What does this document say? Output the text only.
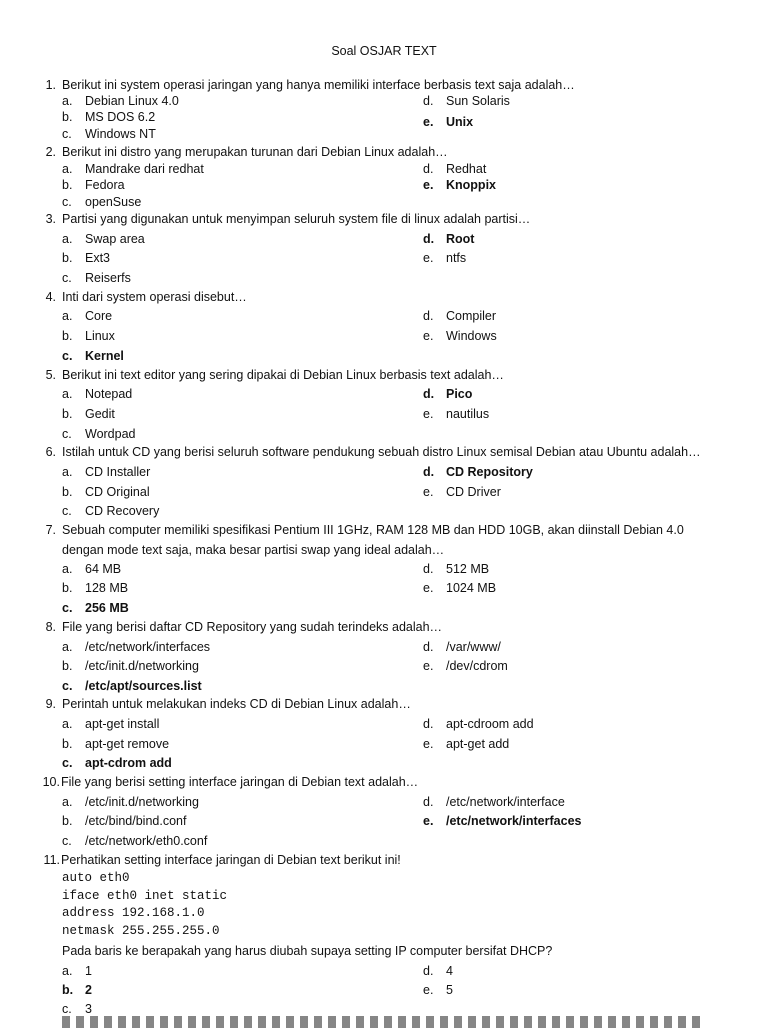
Soal OSJAR TEXT
1. Berikut ini system operasi jaringan yang hanya memiliki interface berbasis text saja adalah…
a. Debian Linux 4.0
b. MS DOS 6.2
c. Windows NT
d. Sun Solaris
e. Unix
2. Berikut ini distro yang merupakan turunan dari Debian Linux adalah…
a. Mandrake dari redhat
b. Fedora
c. openSuse
d. Redhat
e. Knoppix
3. Partisi yang digunakan untuk menyimpan seluruh system file di linux adalah partisi…
a. Swap area
b. Ext3
c. Reiserfs
d. Root
e. ntfs
4. Inti dari system operasi disebut…
a. Core
b. Linux
c. Kernel
d. Compiler
e. Windows
5. Berikut ini text editor yang sering dipakai di Debian Linux berbasis text adalah…
a. Notepad
b. Gedit
c. Wordpad
d. Pico
e. nautilus
6. Istilah untuk CD yang berisi seluruh software pendukung sebuah distro Linux semisal Debian atau Ubuntu adalah…
a. CD Installer
b. CD Original
c. CD Recovery
d. CD Repository
e. CD Driver
7. Sebuah computer memiliki spesifikasi Pentium III 1GHz, RAM 128 MB dan HDD 10GB, akan diinstall Debian 4.0
dengan mode text saja, maka besar partisi swap yang ideal adalah…
a. 64 MB
b. 128 MB
c. 256 MB
d. 512 MB
e. 1024 MB
8. File yang berisi daftar CD Repository yang sudah terindeks adalah…
a. /etc/network/interfaces
b. /etc/init.d/networking
c. /etc/apt/sources.list
d. /var/www/
e. /dev/cdrom
9. Perintah untuk melakukan indeks CD di Debian Linux adalah…
a. apt-get install
b. apt-get remove
c. apt-cdrom add
d. apt-cdroom add
e. apt-get add
10. File yang berisi setting interface jaringan di Debian text adalah…
a. /etc/init.d/networking
b. /etc/bind/bind.conf
c. /etc/network/eth0.conf
d. /etc/network/interface
e. /etc/network/interfaces
11. Perhatikan setting interface jaringan di Debian text berikut ini!
auto eth0
iface eth0 inet static
address 192.168.1.0
netmask 255.255.255.0
Pada baris ke berapakah yang harus diubah supaya setting IP computer bersifat DHCP?
a. 1
b. 2
c. 3
d. 4
e. 5
